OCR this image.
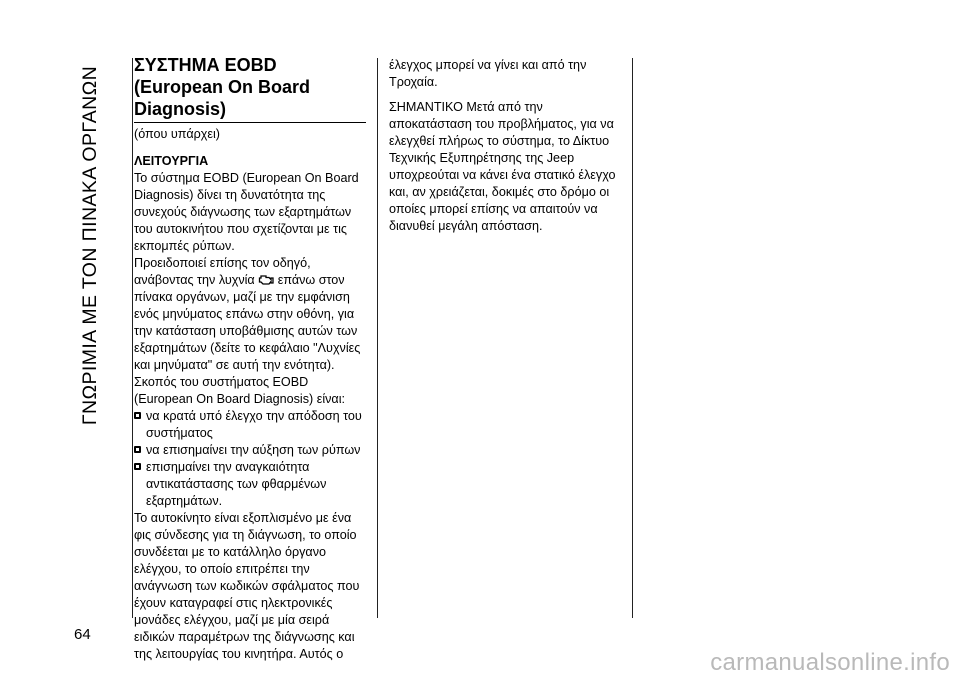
ΓΝΩΡΙΜΙΑ ΜΕ ΤΟΝ ΠΙΝΑΚΑ ΟΡΓΑΝΩΝ
64
ΣΥΣΤΗΜΑ EOBD (European On Board Diagnosis)

(όπου υπάρχει)

ΛΕΙΤΟΥΡΓΙΑ

Το σύστημα EOBD (European On Board Diagnosis) δίνει τη δυνατότητα της συνεχούς διάγνωσης των εξαρτημάτων του αυτοκινήτου που σχετίζονται με τις εκπομπές ρύπων.

Προειδοποιεί επίσης τον οδηγό, ανάβοντας την λυχνία επάνω στον πίνακα οργάνων, μαζί με την εμφάνιση ενός μηνύματος επάνω στην οθόνη, για την κατάσταση υποβάθμισης αυτών των εξαρτημάτων (δείτε το κεφάλαιο "Λυχνίες και μηνύματα" σε αυτή την ενότητα).

Σκοπός του συστήματος EOBD (European On Board Diagnosis) είναι:

να κρατά υπό έλεγχο την απόδοση του συστήματος

να επισημαίνει την αύξηση των ρύπων

επισημαίνει την αναγκαιότητα αντικατάστασης των φθαρμένων εξαρτημάτων.

Το αυτοκίνητο είναι εξοπλισμένο με ένα φις σύνδεσης για τη διάγνωση, το οποίο συνδέεται με το κατάλληλο όργανο ελέγχου, το οποίο επιτρέπει την ανάγνωση των κωδικών σφάλματος που έχουν καταγραφεί στις ηλεκτρονικές μονάδες ελέγχου, μαζί με μία σειρά ειδικών παραμέτρων της διάγνωσης και της λειτουργίας του κινητήρα. Αυτός ο

έλεγχος μπορεί να γίνει και από την Τροχαία.

ΣΗΜΑΝΤΙΚΟ Μετά από την αποκατάσταση του προβλήματος, για να ελεγχθεί πλήρως το σύστημα, το Δίκτυο Τεχνικής Εξυπηρέτησης της Jeep υποχρεούται να κάνει ένα στατικό έλεγχο και, αν χρειάζεται, δοκιμές στο δρόμο οι οποίες μπορεί επίσης να απαιτούν να διανυθεί μεγάλη απόσταση.

carmanualsonline.info
